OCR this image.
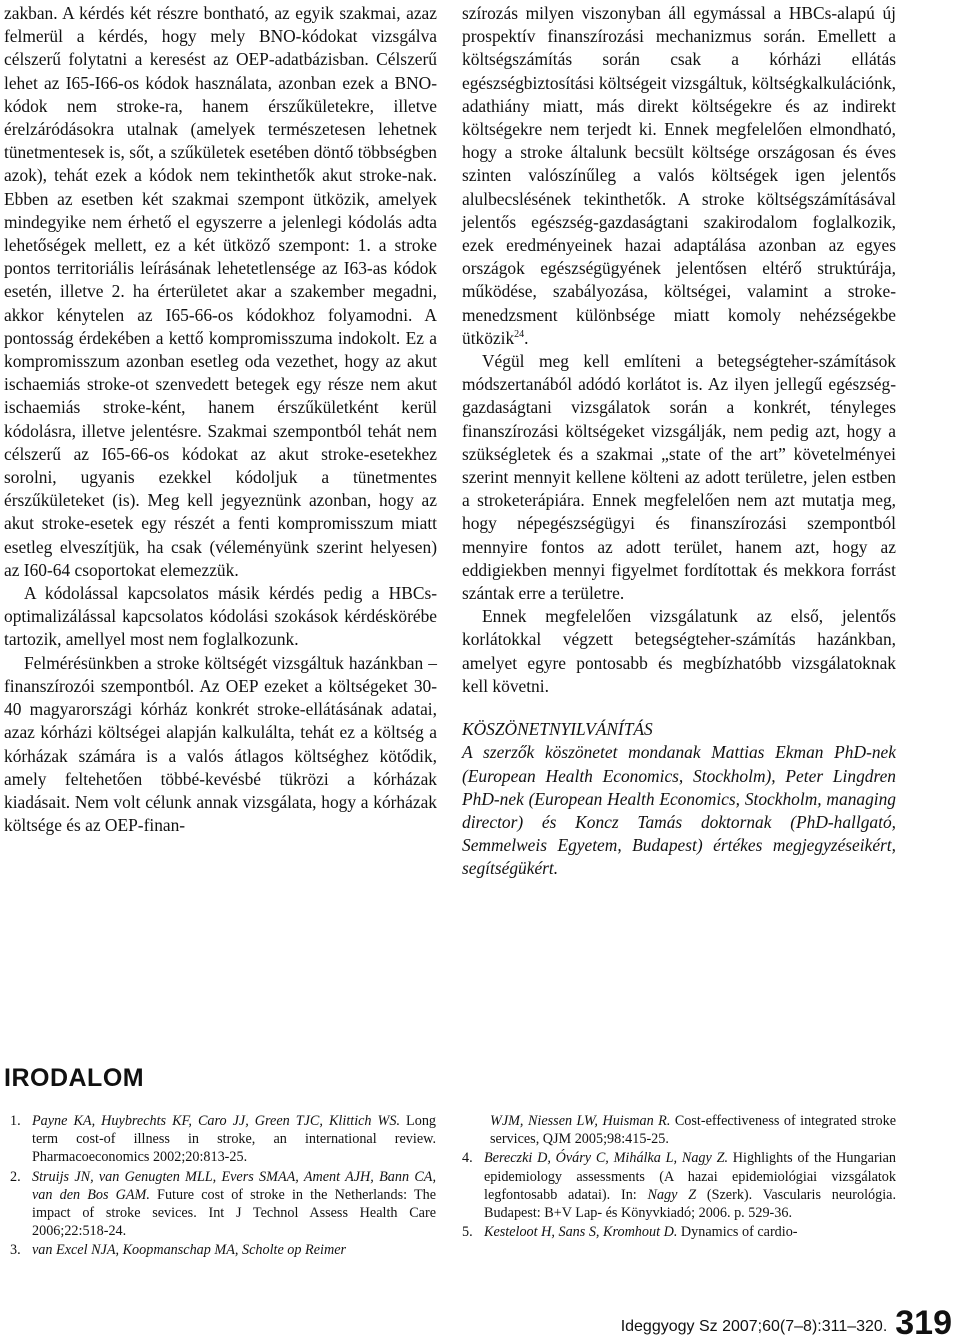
zakban. A kérdés két részre bontható, az egyik szakmai, azaz felmerül a kérdés, hogy mely BNO-kódokat vizsgálva célszerű folytatni a keresést az OEP-adatbázisban. Célszerű lehet az I65-I66-os kódok használata, azonban ezek a BNO-kódok nem stroke-ra, hanem érszűkületekre, illetve érelzáródásokra utalnak (amelyek természetesen lehetnek tünetmentesek is, sőt, a szűkületek esetében döntő többségben azok), tehát ezek a kódok nem tekinthetők akut stroke-nak. Ebben az esetben két szakmai szempont ütközik, amelyek mindegyike nem érhető el egyszerre a jelenlegi kódolás adta lehetőségek mellett, ez a két ütköző szempont: 1. a stroke pontos territoriális leírásának lehetetlensége az I63-as kódok esetén, illetve 2. ha érterületet akar a szakember megadni, akkor kénytelen az I65-66-os kódokhoz folyamodni. A pontosság érdekében a kettő kompromisszuma indokolt. Ez a kompromisszum azonban esetleg oda vezethet, hogy az akut ischaemiás stroke-ot szenvedett betegek egy része nem akut ischaemiás stroke-ként, hanem érszűkületként kerül kódolásra, illetve jelentésre. Szakmai szempontból tehát nem célszerű az I65-66-os kódokat az akut stroke-esetekhez sorolni, ugyanis ezekkel kódoljuk a tünetmentes érszűkületeket (is). Meg kell jegyeznünk azonban, hogy az akut stroke-esetek egy részét a fenti kompromisszum miatt esetleg elveszítjük, ha csak (véleményünk szerint helyesen) az I60-64 csoportokat elemezzük.

A kódolással kapcsolatos másik kérdés pedig a HBCs-optimalizálással kapcsolatos kódolási szokások kérdéskörébe tartozik, amellyel most nem foglalkozunk.

Felmérésünkben a stroke költségét vizsgáltuk hazánkban – finanszírozói szempontból. Az OEP ezeket a költségeket 30-40 magyarországi kórház konkrét stroke-ellátásának adatai, azaz kórházi költségei alapján kalkulálta, tehát ez a költség a kórházak számára is a valós átlagos költséghez kötődik, amely feltehetően többé-kevésbé tükrözi a kórházak kiadásait. Nem volt célunk annak vizsgálata, hogy a kórházak költsége és az OEP-finan-

szírozás milyen viszonyban áll egymással a HBCs-alapú új prospektív finanszírozási mechanizmus során. Emellett a költségszámítás során csak a kórházi ellátás egészségbiztosítási költségeit vizsgáltuk, költségkalkulációnk, adathiány miatt, más direkt költségekre és az indirekt költségekre nem terjedt ki. Ennek megfelelően elmondható, hogy a stroke általunk becsült költsége országosan és éves szinten valószínűleg a valós költségek igen jelentős alulbecslésének tekinthetők. A stroke költségszámításával jelentős egészség-gazdaságtani szakirodalom foglalkozik, ezek eredményeinek hazai adaptálása azonban az egyes országok egészségügyének jelentősen eltérő struktúrája, működése, szabályozása, költségei, valamint a stroke-menedzsment különbsége miatt komoly nehézségekbe ütközik$^{24}$.

Végül meg kell említeni a betegségteher-számítások módszertanából adódó korlátot is. Az ilyen jellegű egészség-gazdaságtani vizsgálatok során a konkrét, tényleges finanszírozási költségeket vizsgálják, nem pedig azt, hogy a szükségletek és a szakmai „state of the art” követelményei szerint mennyit kellene költeni az adott területre, jelen estben a stroketerápiára. Ennek megfelelően nem azt mutatja meg, hogy népegészségügyi és finanszírozási szempontból mennyire fontos az adott terület, hanem azt, hogy az eddigiekben mennyi figyelmet fordítottak és mekkora forrást szántak erre a területre.

Ennek megfelelően vizsgálatunk az első, jelentős korlátokkal végzett betegségteher-számítás hazánkban, amelyet egyre pontosabb és megbízhatóbb vizsgálatoknak kell követni.

KÖSZÖNETNYILVÁNÍTÁS

A szerzők köszönetet mondanak Mattias Ekman PhD-nek (European Health Economics, Stockholm), Peter Lingdren PhD-nek (European Health Economics, Stockholm, managing director) és Koncz Tamás doktornak (PhD-hallgató, Semmelweis Egyetem, Budapest) értékes megjegyzéseikért, segítségükért.

IRODALOM
1. Payne KA, Huybrechts KF, Caro JJ, Green TJC, Klittich WS. Long term cost-of illness in stroke, an international review. Pharmacoeconomics 2002;20:813-25.
2. Struijs JN, van Genugten MLL, Evers SMAA, Ament AJH, Bann CA, van den Bos GAM. Future cost of stroke in the Netherlands: The impact of stroke sevices. Int J Technol Assess Health Care 2006;22:518-24.
3. van Excel NJA, Koopmanschap MA, Scholte op Reimer
WJM, Niessen LW, Huisman R. Cost-effectiveness of integrated stroke services, QJM 2005;98:415-25.
4. Bereczki D, Óváry C, Mihálka L, Nagy Z. Highlights of the Hungarian epidemiology assessments (A hazai epidemiológiai vizsgálatok legfontosabb adatai). In: Nagy Z (Szerk). Vascularis neurológia. Budapest: B+V Lap- és Könyvkiadó; 2006. p. 529-36.
5. Kesteloot H, Sans S, Kromhout D. Dynamics of cardio-
Ideggyogy Sz 2007;60(7–8):311–320. 319
